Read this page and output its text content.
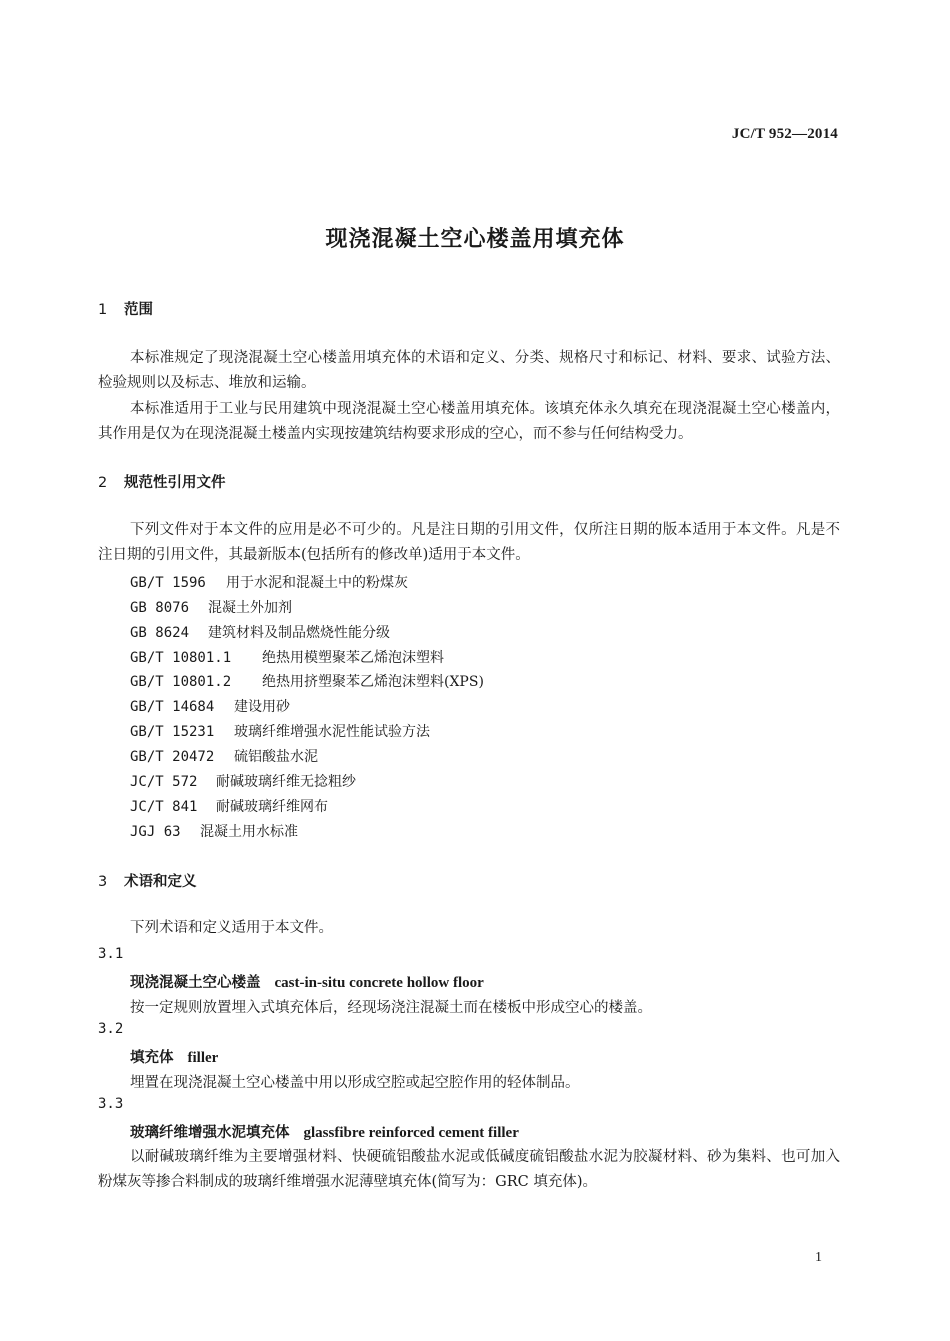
JC/T 952—2014
现浇混凝土空心楼盖用填充体
1 范围
本标准规定了现浇混凝土空心楼盖用填充体的术语和定义、分类、规格尺寸和标记、材料、要求、试验方法、检验规则以及标志、堆放和运输。
本标准适用于工业与民用建筑中现浇混凝土空心楼盖用填充体。该填充体永久填充在现浇混凝土空心楼盖内，其作用是仅为在现浇混凝土楼盖内实现按建筑结构要求形成的空心，而不参与任何结构受力。
2 规范性引用文件
下列文件对于本文件的应用是必不可少的。凡是注日期的引用文件，仅所注日期的版本适用于本文件。凡是不注日期的引用文件，其最新版本(包括所有的修改单)适用于本文件。
GB/T 1596 用于水泥和混凝土中的粉煤灰
GB 8076 混凝土外加剂
GB 8624 建筑材料及制品燃烧性能分级
GB/T 10801.1 绝热用模塑聚苯乙烯泡沫塑料
GB/T 10801.2 绝热用挤塑聚苯乙烯泡沫塑料(XPS)
GB/T 14684 建设用砂
GB/T 15231 玻璃纤维增强水泥性能试验方法
GB/T 20472 硫铝酸盐水泥
JC/T 572 耐碱玻璃纤维无捻粗纱
JC/T 841 耐碱玻璃纤维网布
JGJ 63 混凝土用水标准
3 术语和定义
下列术语和定义适用于本文件。
3.1
现浇混凝土空心楼盖 cast-in-situ concrete hollow floor
按一定规则放置埋入式填充体后，经现场浇注混凝土而在楼板中形成空心的楼盖。
3.2
填充体 filler
埋置在现浇混凝土空心楼盖中用以形成空腔或起空腔作用的轻体制品。
3.3
玻璃纤维增强水泥填充体 glassfibre reinforced cement filler
以耐碱玻璃纤维为主要增强材料、快硬硫铝酸盐水泥或低碱度硫铝酸盐水泥为胶凝材料、砂为集料、也可加入粉煤灰等掺合料制成的玻璃纤维增强水泥薄壁填充体(简写为：GRC 填充体)。
1
